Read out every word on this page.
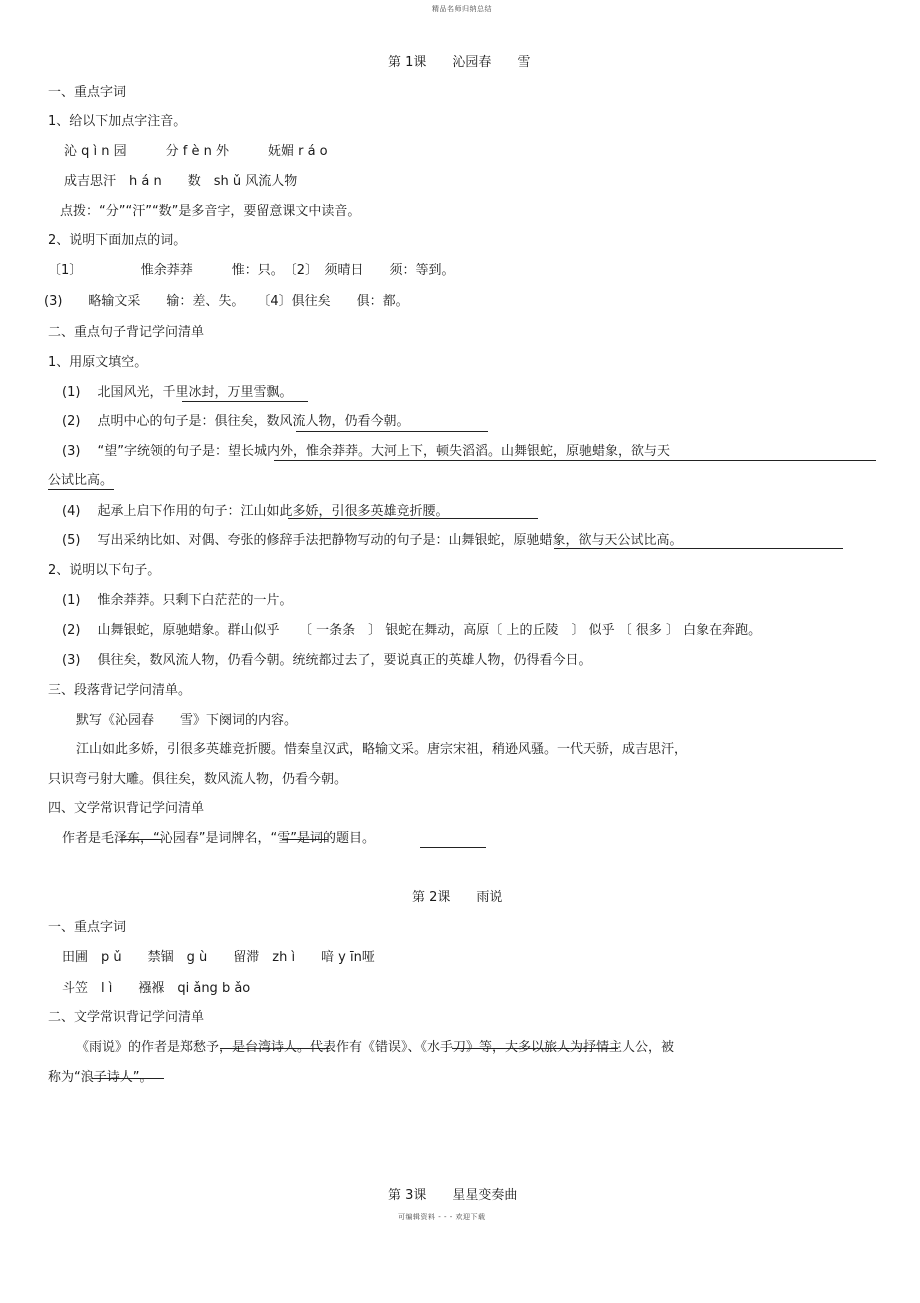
精品名师归纳总结
可编辑资料 - - - 欢迎下载
第 1课　　沁园春　　雪
一、重点字词
1、给以下加点字注音。
沁 q ì n 园　　　分 f è n 外　　　妩媚 r á o
成吉思汗　h á n　　数　sh ǔ 风流人物
点拨：“分”“汗”“数”是多音字，要留意课文中读音。
2、说明下面加点的词。
〔1〕　　　　　惟余莽莽　　　惟：只。　〔2〕　须晴日　　须：等到。
(3)　　略输文采　　输：差、失。　　〔4〕俱往矣　　俱：都。
二、重点句子背记学问清单
1、用原文填空。
(1)　 北国风光，千里冰封，万里雪飘。
(2)　 点明中心的句子是：俱往矣，数风流人物，仍看今朝。
(3)　 “望”字统领的句子是：望长城内外，惟余莽莽。大河上下，顿失滔滔。山舞银蛇，原驰蜡象，欲与天
公试比高。
(4)　 起承上启下作用的句子：江山如此多娇，引很多英雄竞折腰。
(5)　 写出采纳比如、对偶、夸张的修辞手法把静物写动的句子是：山舞银蛇，原驰蜡象，欲与天公试比高。
2、说明以下句子。
(1)　 惟余莽莽。只剩下白茫茫的一片。
(2)　 山舞银蛇，原驰蜡象。群山似乎　　〔 一条条　〕 银蛇在舞动，高原〔 上的丘陵　〕 似乎 〔 很多 〕 白象在奔跑。
(3)　 俱往矣，数风流人物，仍看今朝。统统都过去了，要说真正的英雄人物，仍得看今日。
三、段落背记学问清单。
默写《沁园春　　雪》下阕词的内容。
江山如此多娇，引很多英雄竞折腰。惜秦皇汉武，略输文采。唐宗宋祖，稍逊风骚。一代天骄，成吉思汗，
只识弯弓射大雕。俱往矣，数风流人物，仍看今朝。
四、文学常识背记学问清单
作者是毛泽东，“沁园春”是词牌名，“雪”是词的题目。
第 2课　　雨说
一、重点字词
田圃　p ǔ　　禁锢　g ù　　留滞　zh ì　　喑 y īn哑
斗笠　l ì　　襁褓　qi ǎng b ǎo
二、文学常识背记学问清单
《雨说》的作者是郑愁予，是台湾诗人。代表作有《错误》、《水手刀》等，大多以旅人为抒情主人公，被
称为“浪子诗人”。
第 3课　　星星变奏曲
